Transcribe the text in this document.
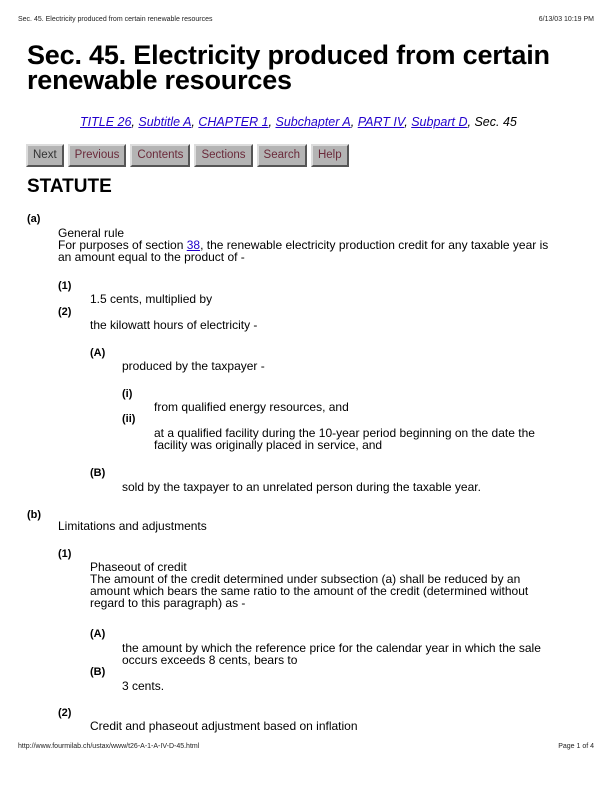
Sec. 45. Electricity produced from certain renewable resources	6/13/03 10:19 PM
Sec. 45. Electricity produced from certain renewable resources
TITLE 26, Subtitle A, CHAPTER 1, Subchapter A, PART IV, Subpart D, Sec. 45
Next	Previous	Contents	Sections	Search	Help
STATUTE
(a)
General rule
For purposes of section 38, the renewable electricity production credit for any taxable year is
an amount equal to the product of -
(1)
1.5 cents, multiplied by
(2)
the kilowatt hours of electricity -
(A)
produced by the taxpayer -
(i)
from qualified energy resources, and
(ii)
at a qualified facility during the 10-year period beginning on the date the
facility was originally placed in service, and
(B)
sold by the taxpayer to an unrelated person during the taxable year.
(b)
Limitations and adjustments
(1)
Phaseout of credit
The amount of the credit determined under subsection (a) shall be reduced by an
amount which bears the same ratio to the amount of the credit (determined without
regard to this paragraph) as -
(A)
the amount by which the reference price for the calendar year in which the sale
occurs exceeds 8 cents, bears to
(B)
3 cents.
(2)
Credit and phaseout adjustment based on inflation
http://www.fourmilab.ch/ustax/www/t26-A-1-A-IV-D-45.html	Page 1 of 4
